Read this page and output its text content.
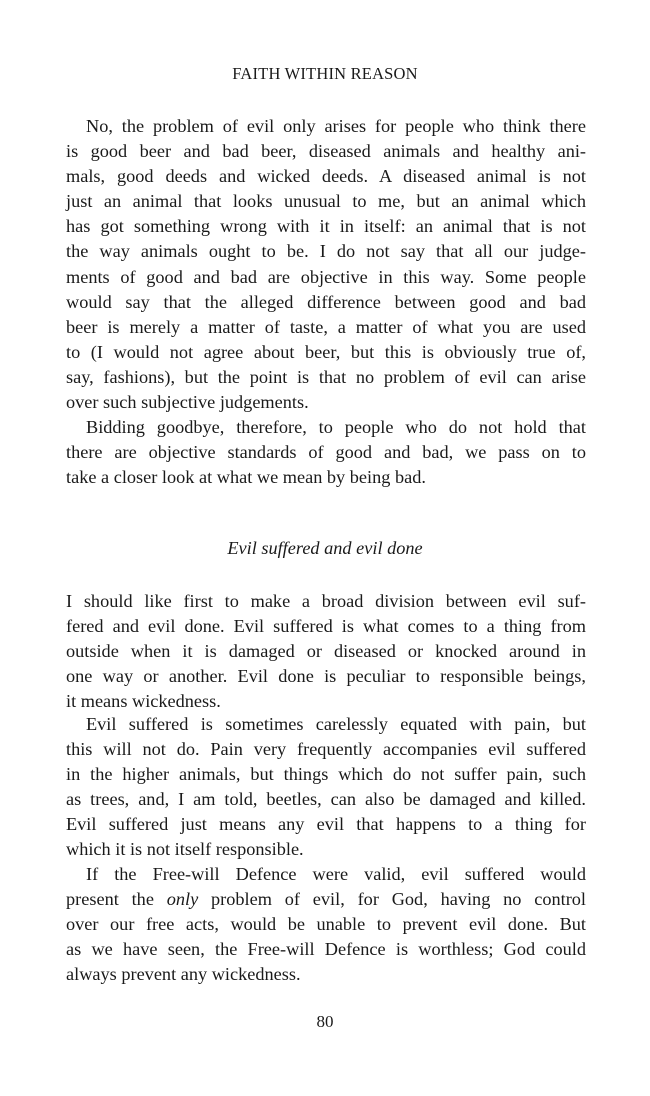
FAITH WITHIN REASON
No, the problem of evil only arises for people who think there
is good beer and bad beer, diseased animals and healthy ani-
mals, good deeds and wicked deeds. A diseased animal is not
just an animal that looks unusual to me, but an animal which
has got something wrong with it in itself: an animal that is not
the way animals ought to be. I do not say that all our judge-
ments of good and bad are objective in this way. Some people
would say that the alleged difference between good and bad
beer is merely a matter of taste, a matter of what you are used
to (I would not agree about beer, but this is obviously true of,
say, fashions), but the point is that no problem of evil can arise
over such subjective judgements.
Bidding goodbye, therefore, to people who do not hold that
there are objective standards of good and bad, we pass on to
take a closer look at what we mean by being bad.
Evil suffered and evil done
I should like first to make a broad division between evil suf-
fered and evil done. Evil suffered is what comes to a thing from
outside when it is damaged or diseased or knocked around in
one way or another. Evil done is peculiar to responsible beings,
it means wickedness.
Evil suffered is sometimes carelessly equated with pain, but
this will not do. Pain very frequently accompanies evil suffered
in the higher animals, but things which do not suffer pain, such
as trees, and, I am told, beetles, can also be damaged and killed.
Evil suffered just means any evil that happens to a thing for
which it is not itself responsible.
If the Free-will Defence were valid, evil suffered would
present the only problem of evil, for God, having no control
over our free acts, would be unable to prevent evil done. But
as we have seen, the Free-will Defence is worthless; God could
always prevent any wickedness.
80
